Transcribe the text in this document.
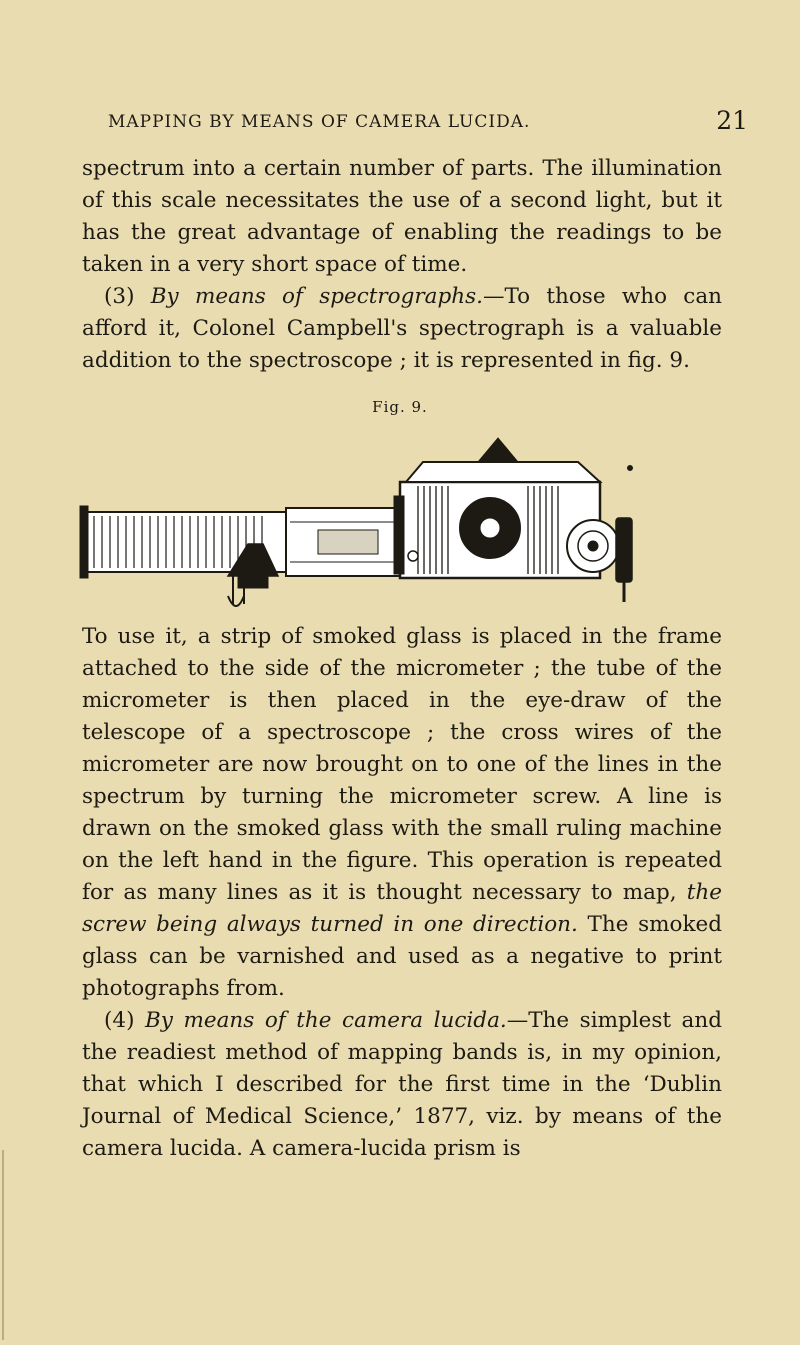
MAPPING BY MEANS OF CAMERA LUCIDA.	21

spectrum into a certain number of parts. The illumination of this scale necessitates the use of a second light, but it has the great advantage of enabling the readings to be taken in a very short space of time.

(3) By means of spectrographs.—To those who can afford it, Colonel Campbell's spectrograph is a valuable addition to the spectroscope ; it is represented in fig. 9.

Fig. 9.

To use it, a strip of smoked glass is placed in the frame attached to the side of the micrometer ; the tube of the micrometer is then placed in the eye-draw of the telescope of a spectroscope ; the cross wires of the micrometer are now brought on to one of the lines in the spectrum by turning the micrometer screw. A line is drawn on the smoked glass with the small ruling machine on the left hand in the figure. This operation is repeated for as many lines as it is thought necessary to map, the screw being always turned in one direction. The smoked glass can be varnished and used as a negative to print photographs from.

(4) By means of the camera lucida.—The simplest and the readiest method of mapping bands is, in my opinion, that which I described for the first time in the ‘Dublin Journal of Medical Science,’ 1877, viz. by means of the camera lucida. A camera-lucida prism is
